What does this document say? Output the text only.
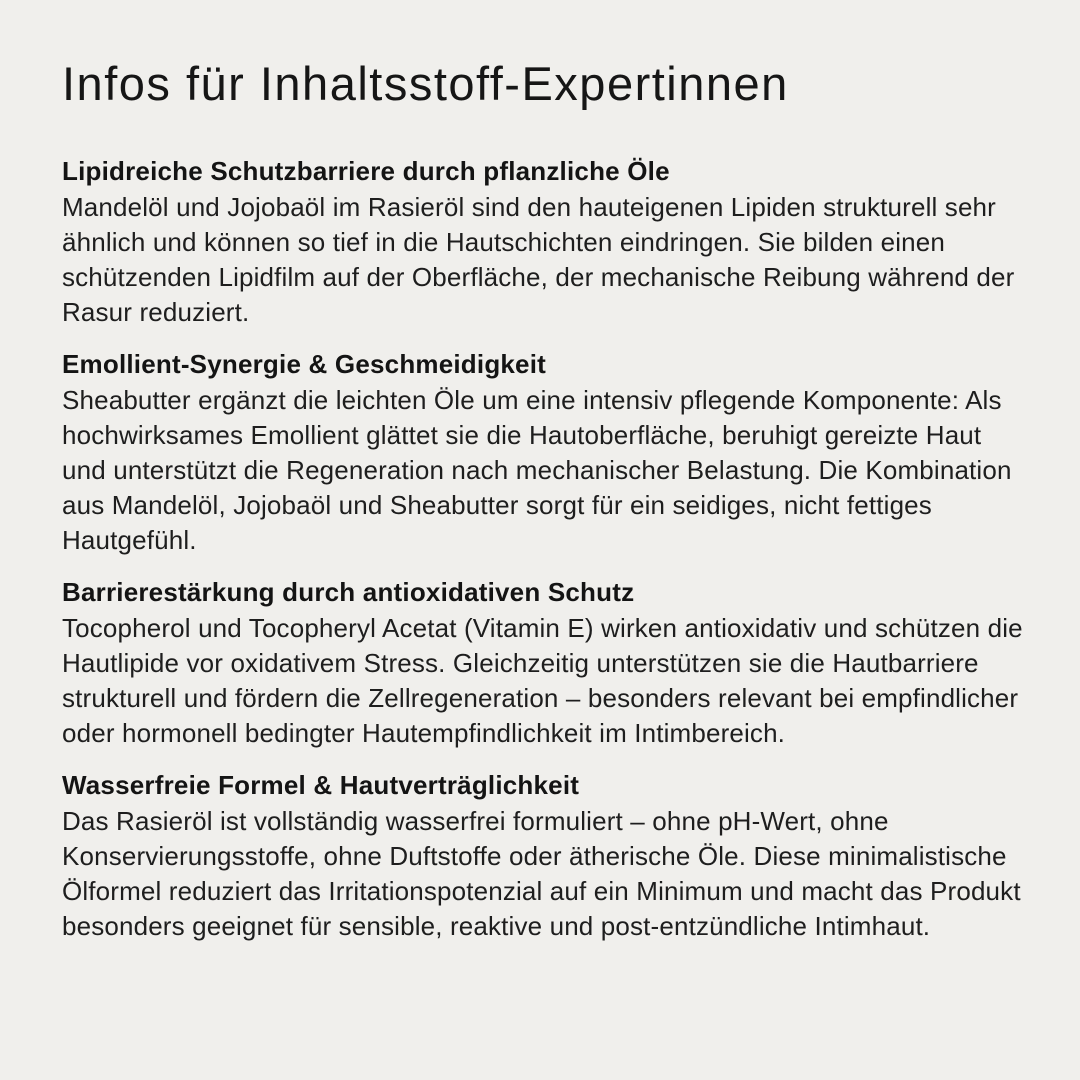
Infos für Inhaltsstoff-Expertinnen
Lipidreiche Schutzbarriere durch pflanzliche Öle

Mandelöl und Jojobaöl im Rasieröl sind den hauteigenen Lipiden strukturell sehr ähnlich und können so tief in die Hautschichten eindringen. Sie bilden einen schützenden Lipidfilm auf der Oberfläche, der mechanische Reibung während der Rasur reduziert.

Emollient-Synergie & Geschmeidigkeit

Sheabutter ergänzt die leichten Öle um eine intensiv pflegende Komponente: Als hochwirksames Emollient glättet sie die Hautoberfläche, beruhigt gereizte Haut und unterstützt die Regeneration nach mechanischer Belastung. Die Kombination aus Mandelöl, Jojobaöl und Sheabutter sorgt für ein seidiges, nicht fettiges Hautgefühl.

Barrierestärkung durch antioxidativen Schutz

Tocopherol und Tocopheryl Acetat (Vitamin E) wirken antioxidativ und schützen die Hautlipide vor oxidativem Stress. Gleichzeitig unterstützen sie die Hautbarriere strukturell und fördern die Zellregeneration – besonders relevant bei empfindlicher oder hormonell bedingter Hautempfindlichkeit im Intimbereich.

Wasserfreie Formel & Hautverträglichkeit

Das Rasieröl ist vollständig wasserfrei formuliert – ohne pH-Wert, ohne Konservierungsstoffe, ohne Duftstoffe oder ätherische Öle. Diese minimalistische Ölformel reduziert das Irritationspotenzial auf ein Minimum und macht das Produkt besonders geeignet für sensible, reaktive und post-entzündliche Intimhaut.
